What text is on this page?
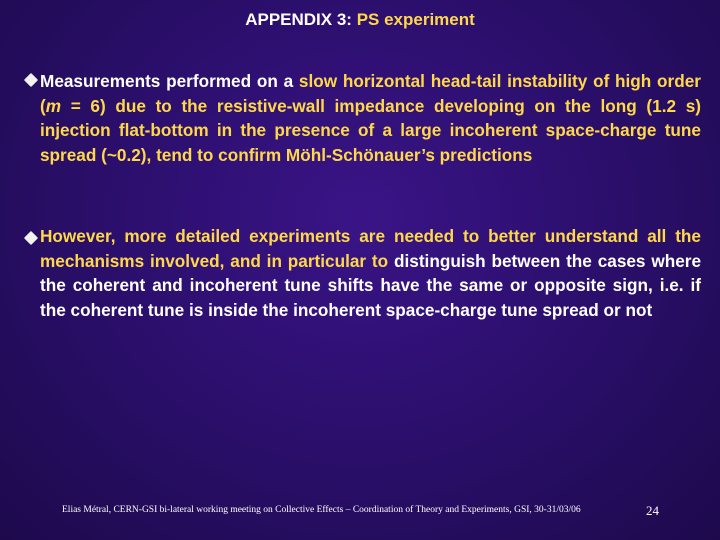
APPENDIX 3: PS experiment
Measurements performed on a slow horizontal head-tail instability of high order (m = 6) due to the resistive-wall impedance developing on the long (1.2 s) injection flat-bottom in the presence of a large incoherent space-charge tune spread (~0.2), tend to confirm Möhl-Schönauer’s predictions
However, more detailed experiments are needed to better understand all the mechanisms involved, and in particular to distinguish between the cases where the coherent and incoherent tune shifts have the same or opposite sign, i.e. if the coherent tune is inside the incoherent space-charge tune spread or not
Elias Métral, CERN-GSI bi-lateral working meeting on Collective Effects – Coordination of Theory and Experiments, GSI, 30-31/03/06	24
